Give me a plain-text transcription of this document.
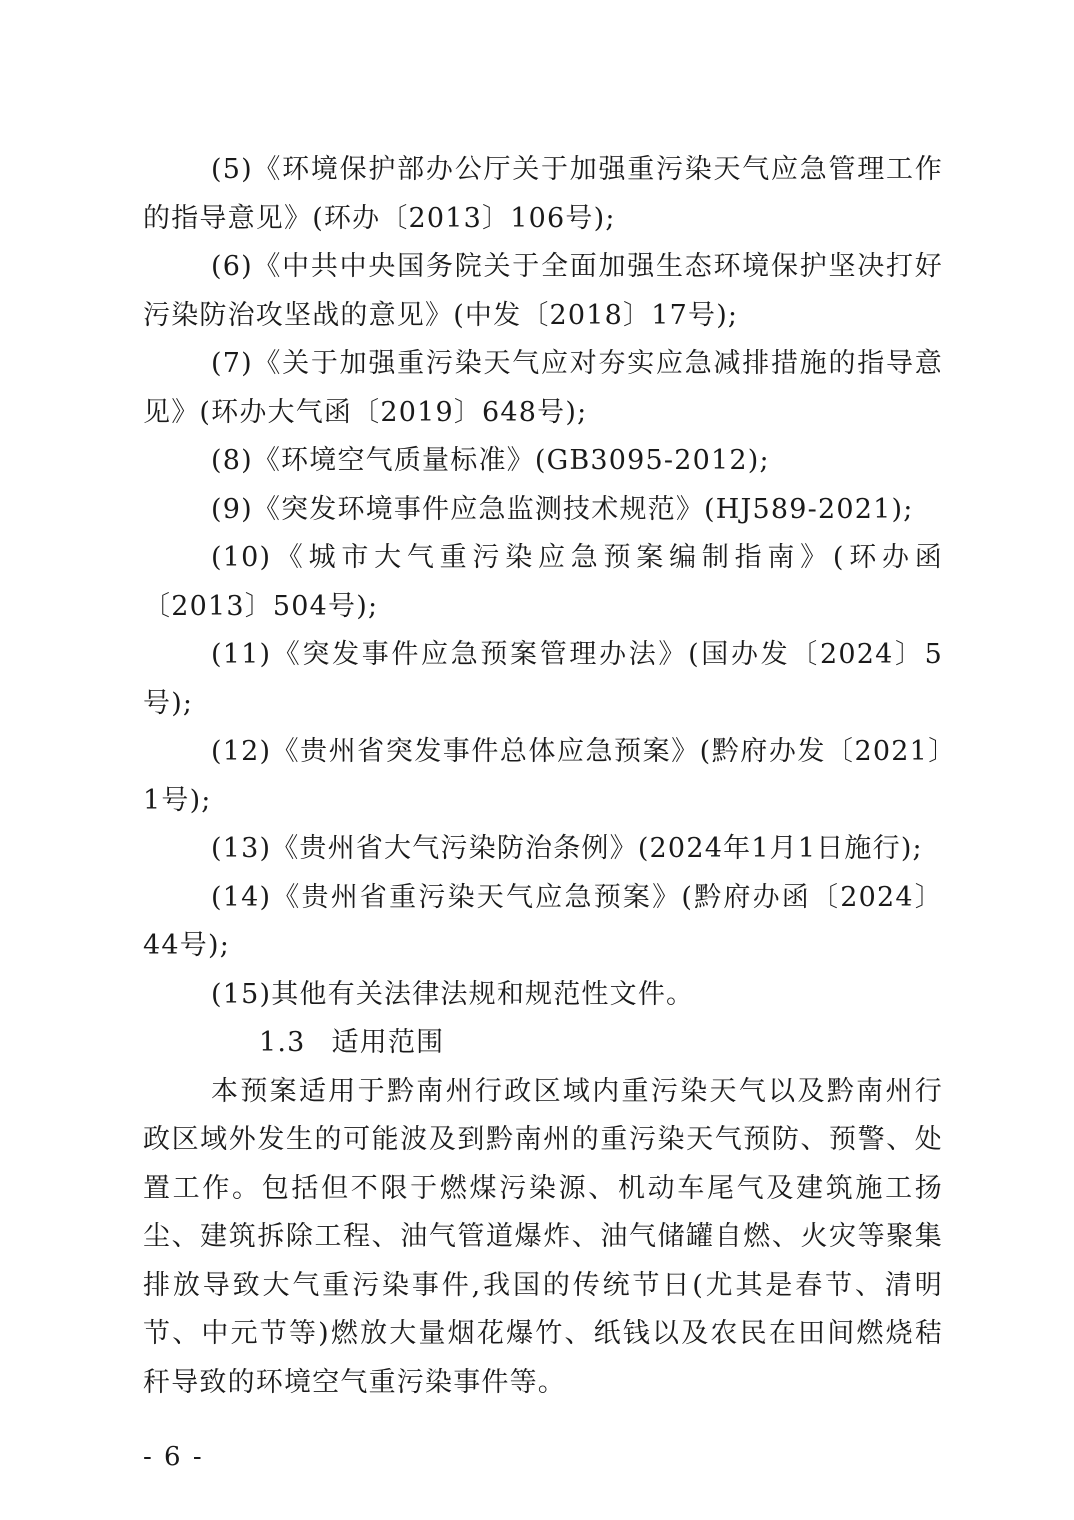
(5)《环境保护部办公厅关于加强重污染天气应急管理工作的指导意见》(环办〔2013〕106号);

(6)《中共中央国务院关于全面加强生态环境保护坚决打好污染防治攻坚战的意见》(中发〔2018〕17号);

(7)《关于加强重污染天气应对夯实应急减排措施的指导意见》(环办大气函〔2019〕648号);

(8)《环境空气质量标准》(GB3095-2012);

(9)《突发环境事件应急监测技术规范》(HJ589-2021);

(10)《城市大气重污染应急预案编制指南》(环办函〔2013〕504号);

(11)《突发事件应急预案管理办法》(国办发〔2024〕5号);

(12)《贵州省突发事件总体应急预案》(黔府办发〔2021〕1号);

(13)《贵州省大气污染防治条例》(2024年1月1日施行);

(14)《贵州省重污染天气应急预案》(黔府办函〔2024〕44号);

(15)其他有关法律法规和规范性文件。

1.3 适用范围

本预案适用于黔南州行政区域内重污染天气以及黔南州行政区域外发生的可能波及到黔南州的重污染天气预防、预警、处置工作。包括但不限于燃煤污染源、机动车尾气及建筑施工扬尘、建筑拆除工程、油气管道爆炸、油气储罐自燃、火灾等聚集排放导致大气重污染事件,我国的传统节日(尤其是春节、清明节、中元节等)燃放大量烟花爆竹、纸钱以及农民在田间燃烧秸秆导致的环境空气重污染事件等。

- 6 -
